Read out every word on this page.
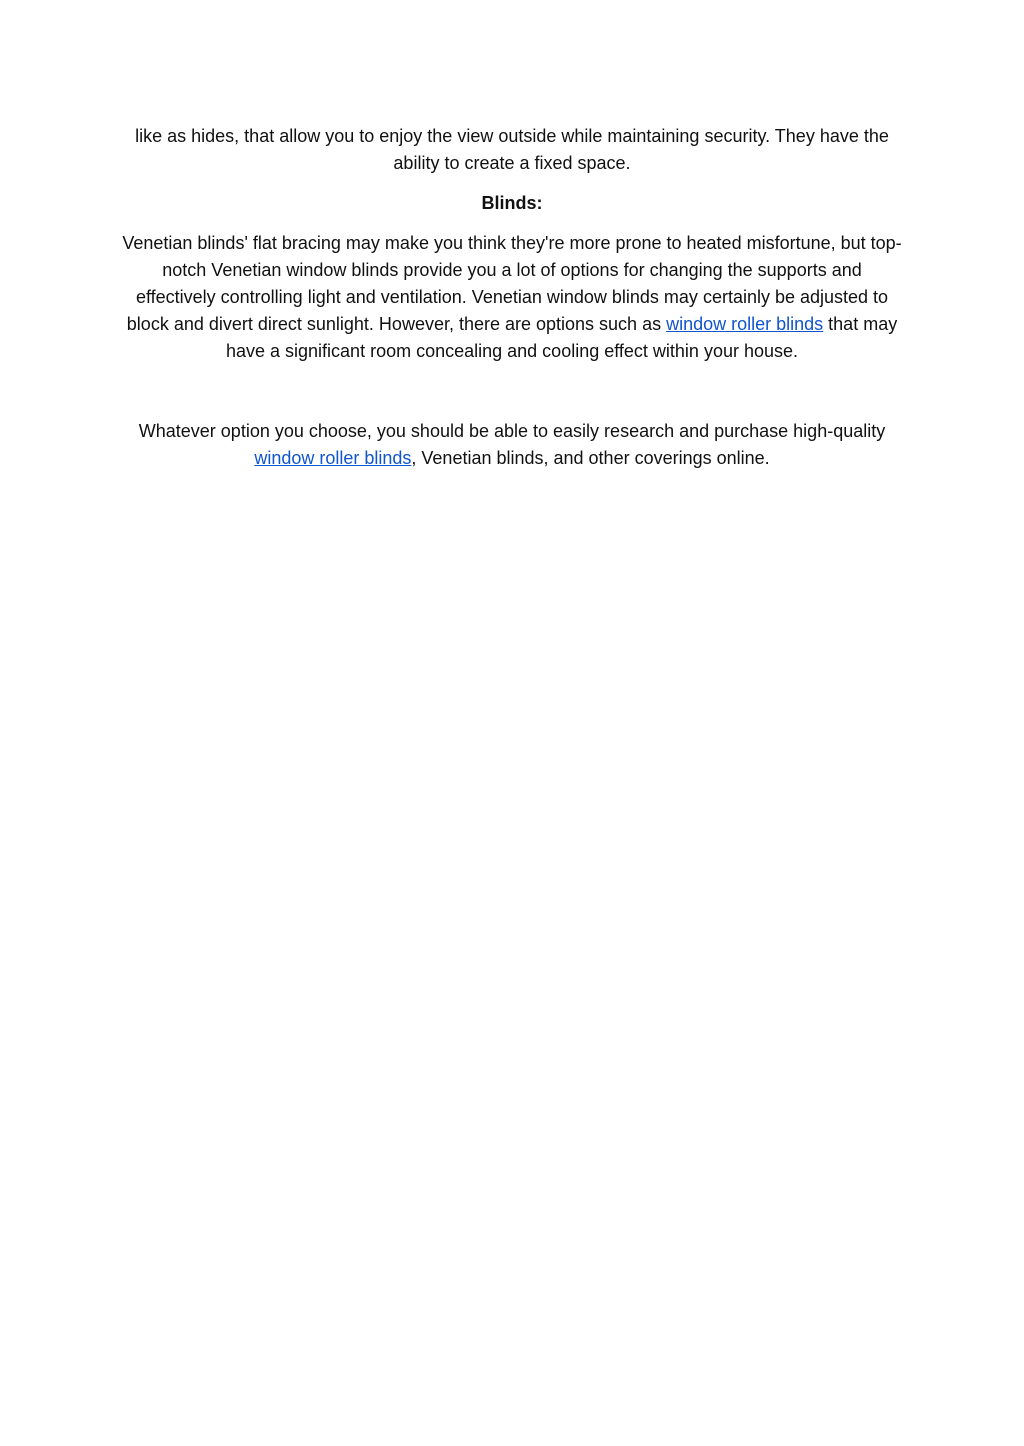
like as hides, that allow you to enjoy the view outside while maintaining security. They have the ability to create a fixed space.

Blinds:

Venetian blinds' flat bracing may make you think they're more prone to heated misfortune, but top-notch Venetian window blinds provide you a lot of options for changing the supports and effectively controlling light and ventilation. Venetian window blinds may certainly be adjusted to block and divert direct sunlight. However, there are options such as window roller blinds that may have a significant room concealing and cooling effect within your house.

Whatever option you choose, you should be able to easily research and purchase high-quality window roller blinds, Venetian blinds, and other coverings online.
